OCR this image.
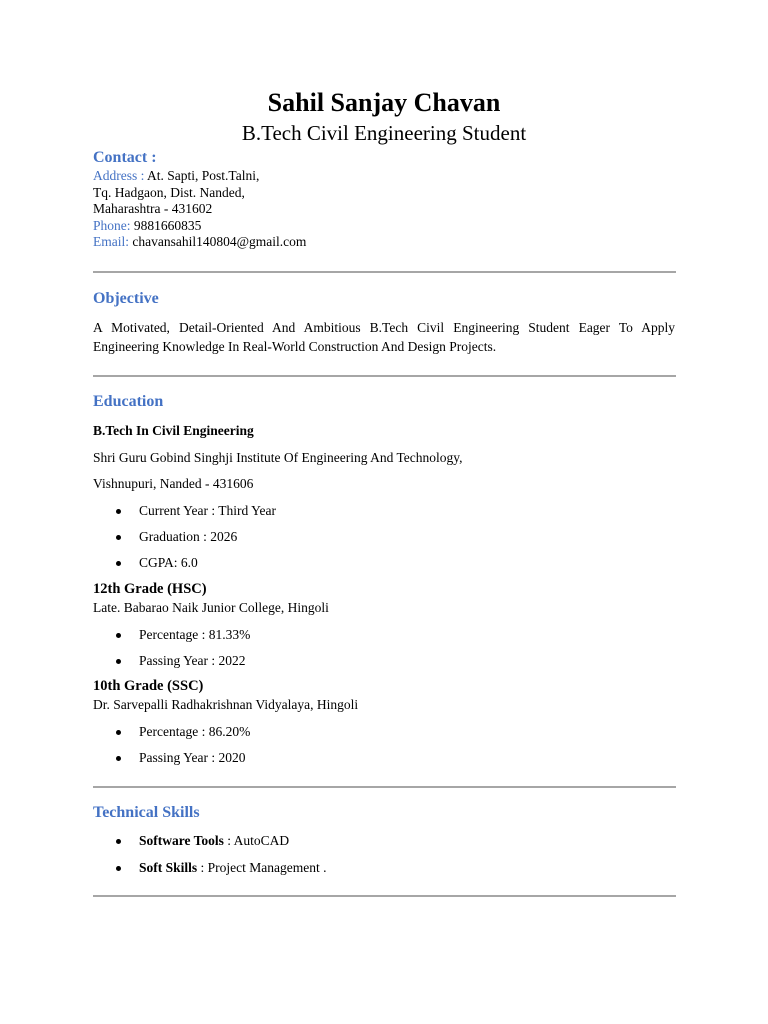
Sahil Sanjay Chavan
B.Tech Civil Engineering Student
Contact :
Address : At. Sapti, Post.Talni,
Tq. Hadgaon, Dist. Nanded,
Maharashtra - 431602
Phone: 9881660835
Email: chavansahil140804@gmail.com
Objective
A Motivated, Detail-Oriented And Ambitious B.Tech Civil Engineering Student Eager To Apply Engineering Knowledge In Real-World Construction And Design Projects.
Education
B.Tech In Civil Engineering
Shri Guru Gobind Singhji Institute Of Engineering And Technology,
Vishnupuri, Nanded - 431606
Current Year : Third Year
Graduation : 2026
CGPA: 6.0
12th Grade (HSC)
Late. Babarao Naik Junior College, Hingoli
Percentage : 81.33%
Passing Year : 2022
10th Grade (SSC)
Dr. Sarvepalli Radhakrishnan Vidyalaya, Hingoli
Percentage : 86.20%
Passing Year : 2020
Technical Skills
Software Tools : AutoCAD
Soft Skills : Project Management .
